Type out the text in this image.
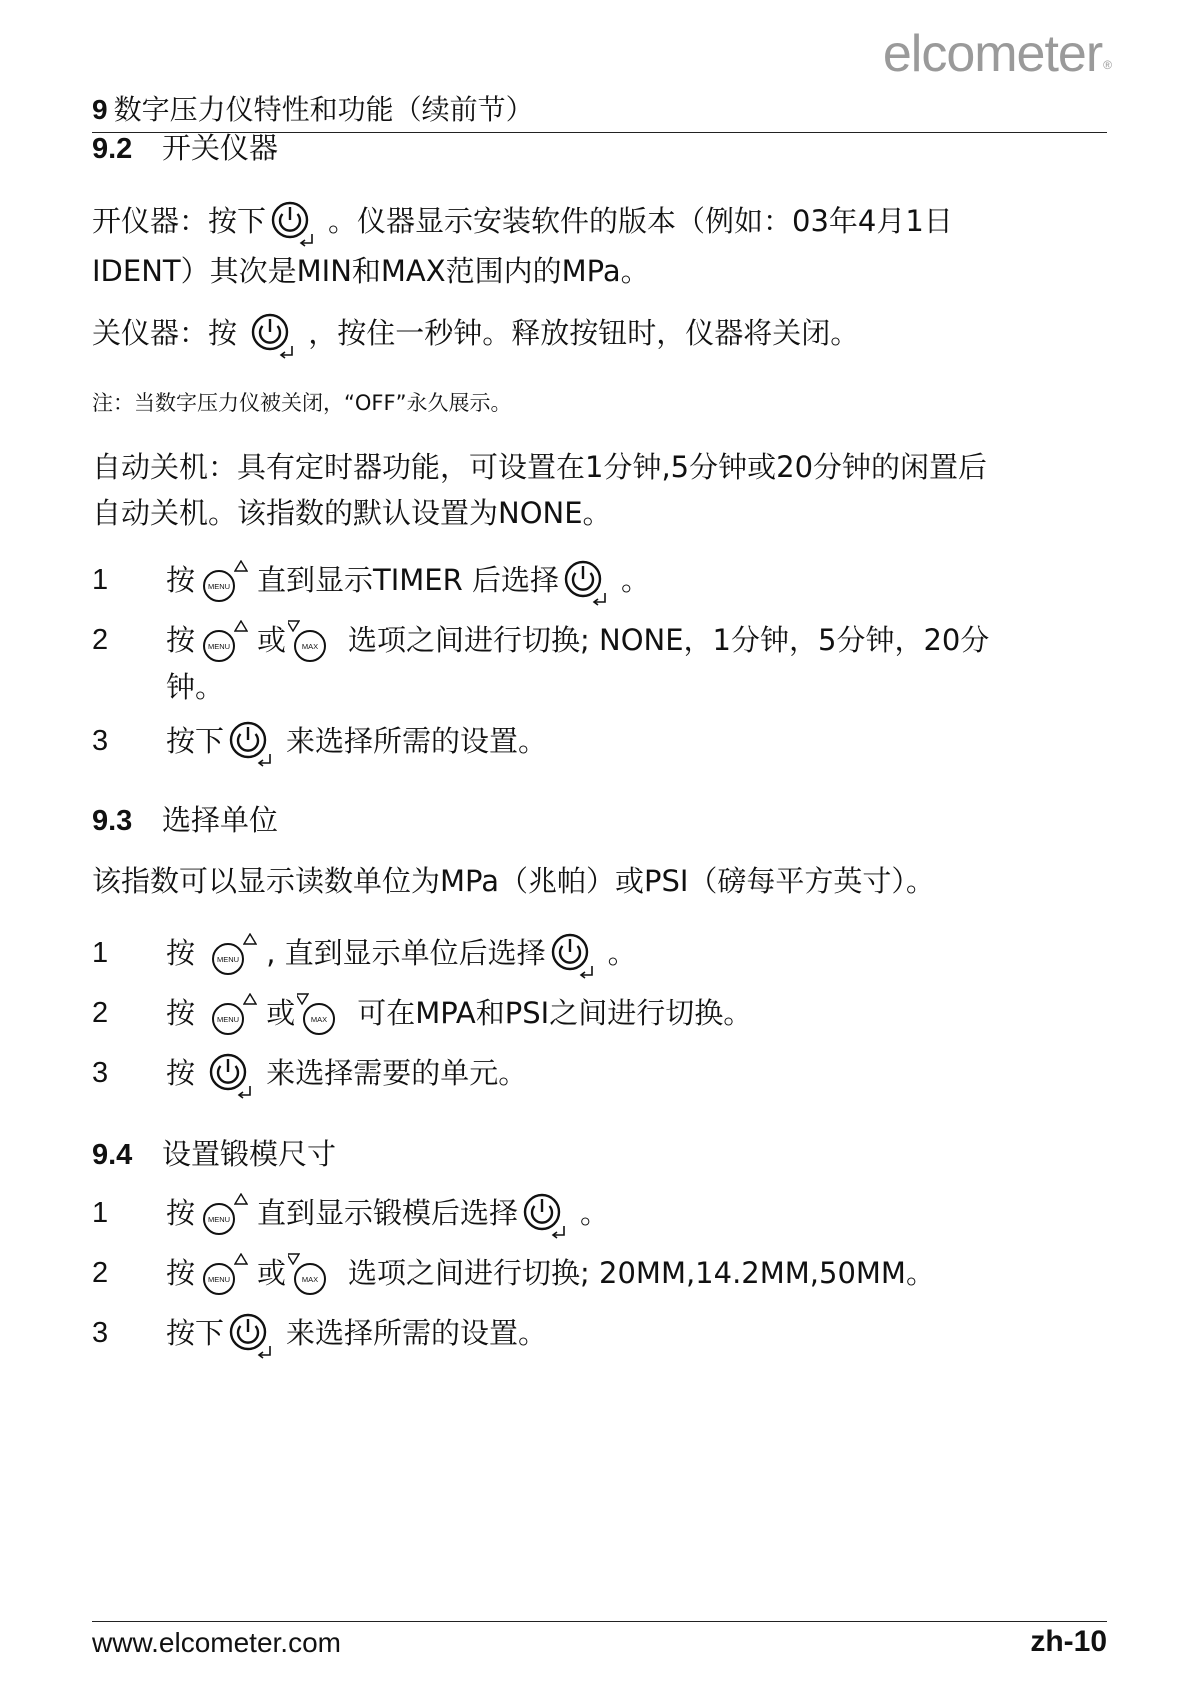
elcometer®
9 数字压力仪特性和功能（续前节）
9.2 开关仪器
开仪器：按下 。仪器显示安装软件的版本（例如：03年4月1日
IDENT）其次是MIN和MAX范围内的MPa。
关仪器：按 ，按住一秒钟。释放按钮时，仪器将关闭。
注：当数字压力仪被关闭，“OFF”永久展示。
自动关机：具有定时器功能，可设置在1分钟,5分钟或20分钟的闲置后
自动关机。该指数的默认设置为NONE。
1 按 MENU 直到显示TIMER 后选择 。
2 按 MENU 或 MAX 选项之间进行切换; NONE，1分钟，5分钟，20分
钟。
3 按下 来选择所需的设置。
9.3 选择单位
该指数可以显示读数单位为MPa（兆帕）或PSI（磅每平方英寸）。
1 按	MENU , 直到显示单位后选择 。
2 按	MENU 或 MAX 可在MPA和PSI之间进行切换。
3 按 来选择需要的单元。
9.4 设置锻模尺寸
1 按 MENU 直到显示锻模后选择 。
2 按 MENU 或 MAX 选项之间进行切换; 20MM,14.2MM,50MM。
3 按下 来选择所需的设置。
www.elcometer.com	zh-10
